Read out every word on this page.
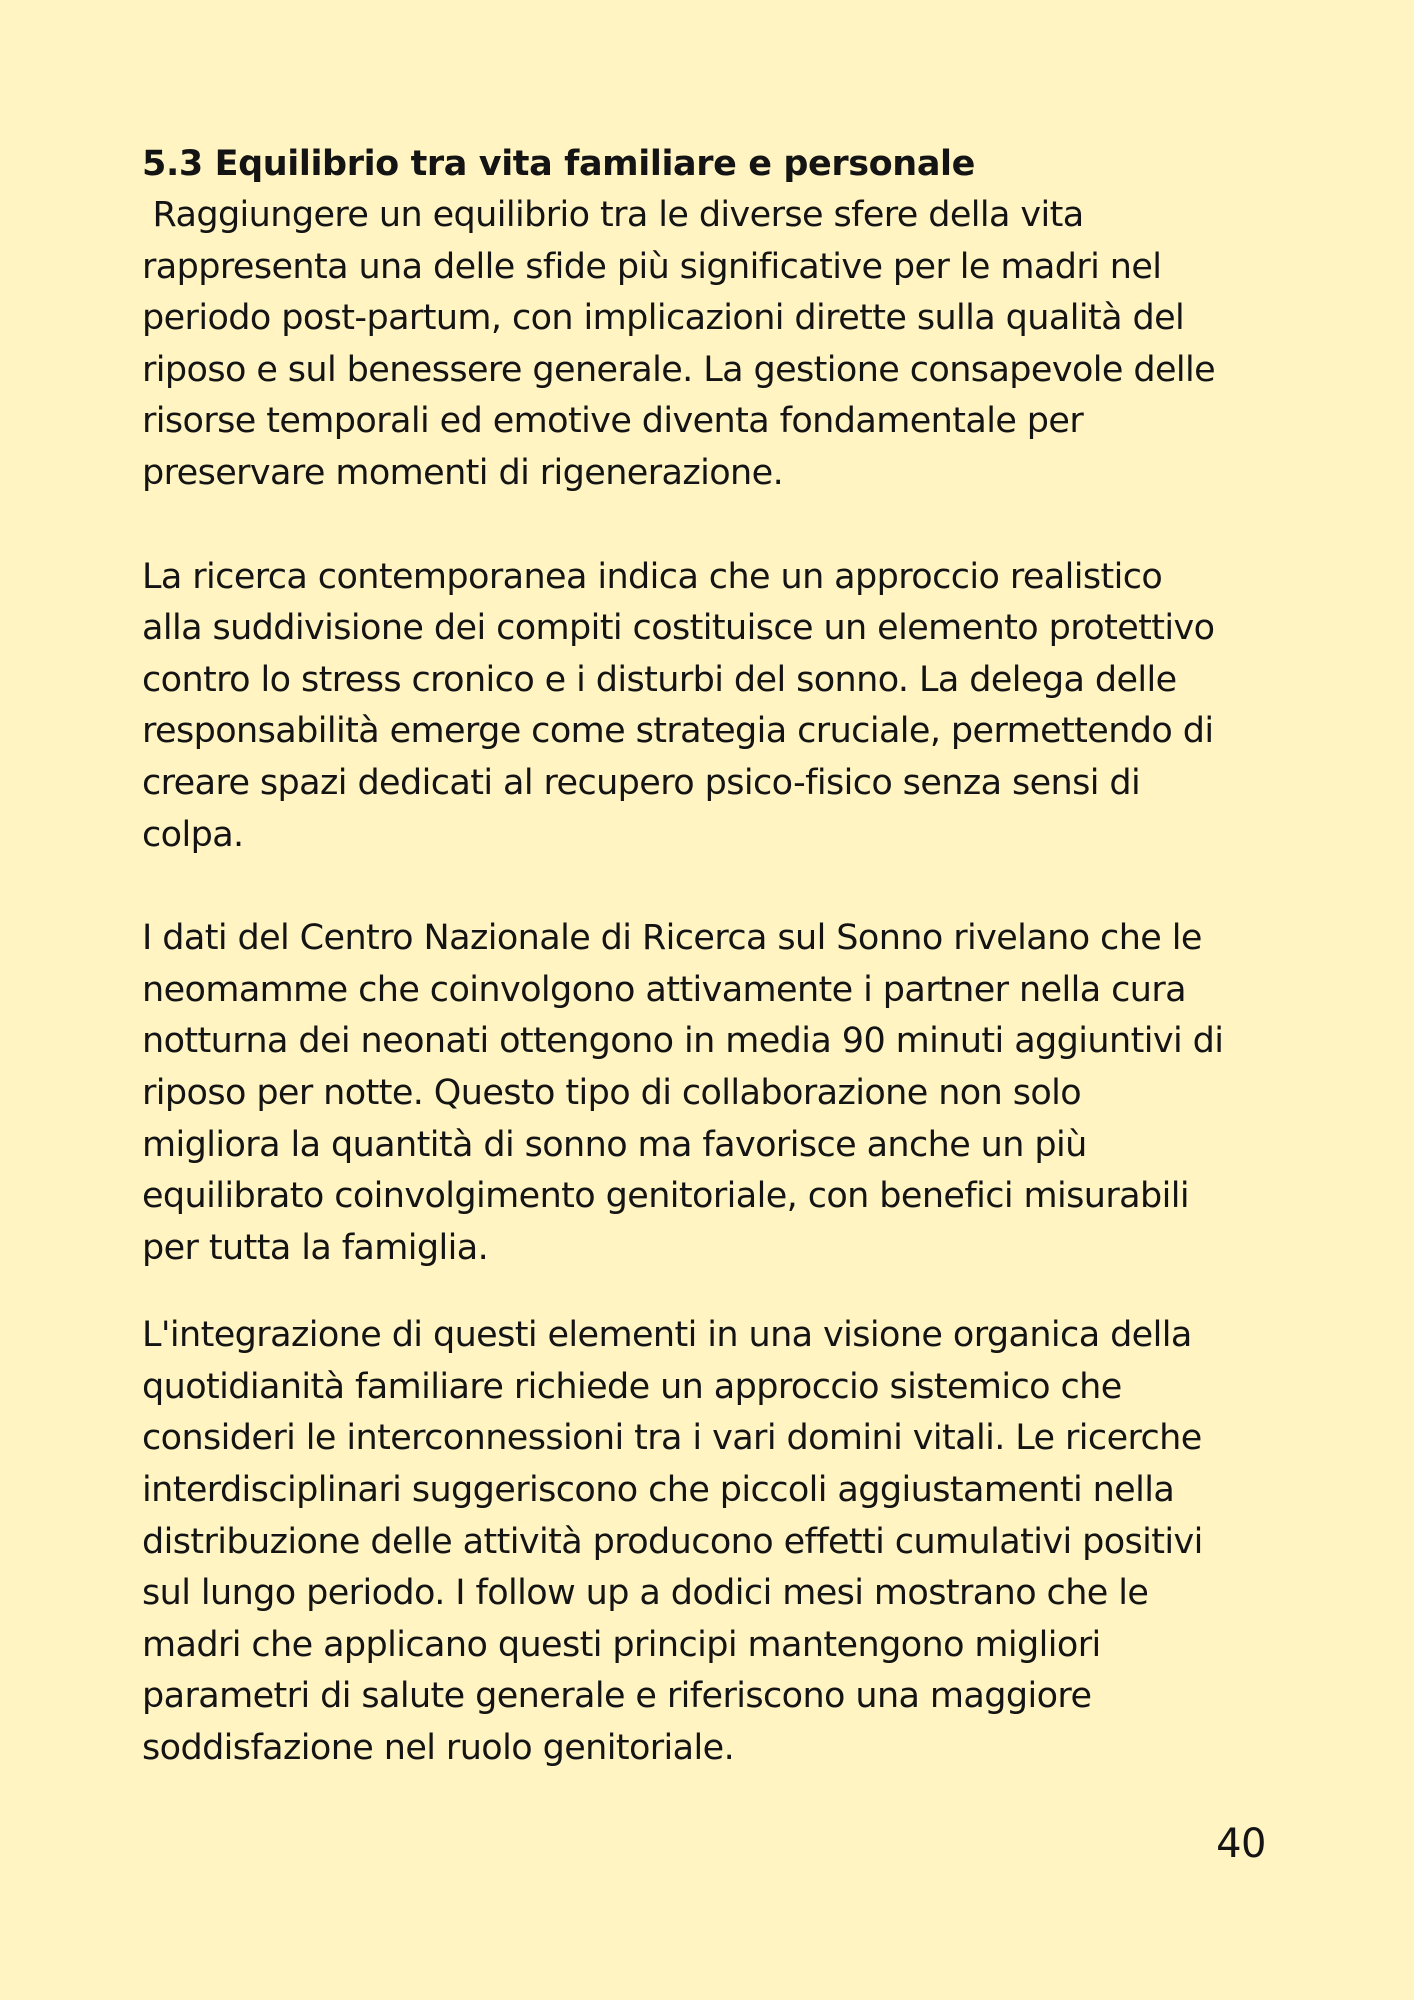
5.3 Equilibrio tra vita familiare e personale

Raggiungere un equilibrio tra le diverse sfere della vita
rappresenta una delle sfide più significative per le madri nel
periodo post-partum, con implicazioni dirette sulla qualità del
riposo e sul benessere generale. La gestione consapevole delle
risorse temporali ed emotive diventa fondamentale per
preservare momenti di rigenerazione.

La ricerca contemporanea indica che un approccio realistico
alla suddivisione dei compiti costituisce un elemento protettivo
contro lo stress cronico e i disturbi del sonno. La delega delle
responsabilità emerge come strategia cruciale, permettendo di
creare spazi dedicati al recupero psico-fisico senza sensi di
colpa.

I dati del Centro Nazionale di Ricerca sul Sonno rivelano che le
neomamme che coinvolgono attivamente i partner nella cura
notturna dei neonati ottengono in media 90 minuti aggiuntivi di
riposo per notte. Questo tipo di collaborazione non solo
migliora la quantità di sonno ma favorisce anche un più
equilibrato coinvolgimento genitoriale, con benefici misurabili
per tutta la famiglia.

L'integrazione di questi elementi in una visione organica della
quotidianità familiare richiede un approccio sistemico che
consideri le interconnessioni tra i vari domini vitali. Le ricerche
interdisciplinari suggeriscono che piccoli aggiustamenti nella
distribuzione delle attività producono effetti cumulativi positivi
sul lungo periodo. I follow up a dodici mesi mostrano che le
madri che applicano questi principi mantengono migliori
parametri di salute generale e riferiscono una maggiore
soddisfazione nel ruolo genitoriale.

40
